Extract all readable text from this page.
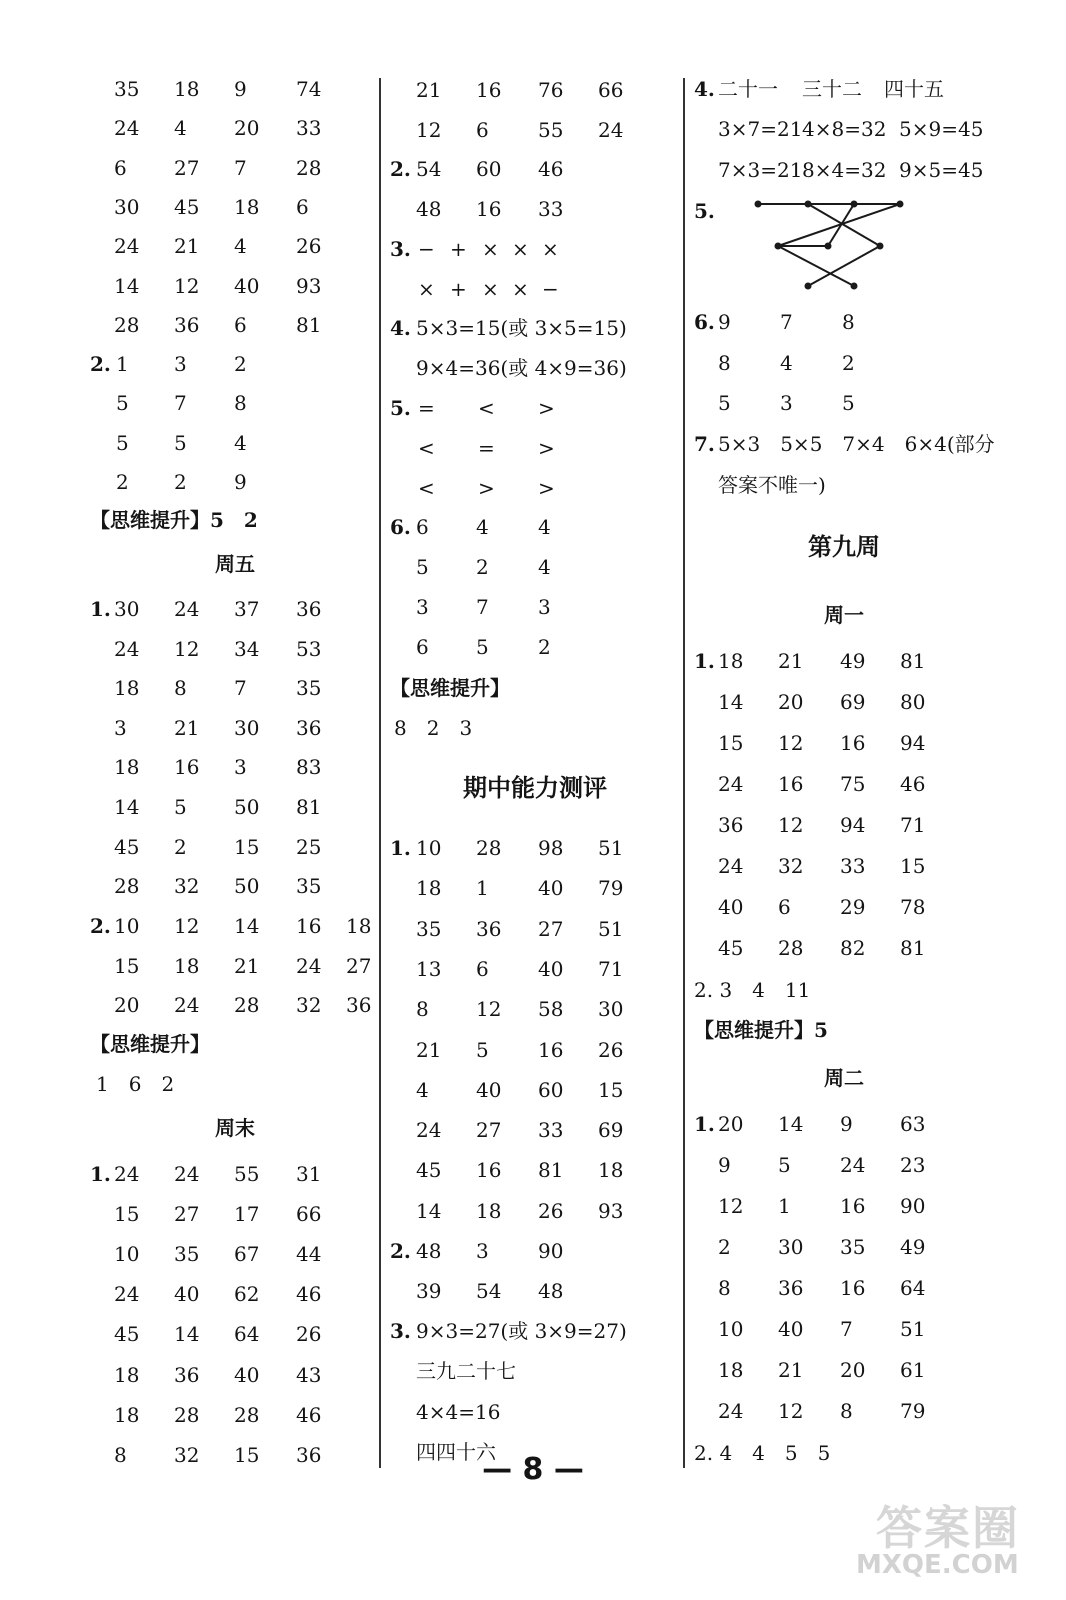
35 18 9 74
24 4 20 33
6 27 7 28
30 45 18 6
24 21 4 26
14 12 40 93
28 36 6 81
2. 1 3 2
5 7 8
5 5 4
2 2 9
【思维提升】5　2
周五
1. 30 24 37 36
24 12 34 53
18 8 7 35
3 21 30 36
18 16 3 83
14 5 50 81
45 2 15 25
28 32 50 35
2. 10 12 14 16 18
15 18 21 24 27
20 24 28 32 36
【思维提升】
1　6　2
周末
1. 24 24 55 31
15 27 17 66
10 35 67 44
24 40 62 46
45 14 64 26
18 36 40 43
18 28 28 46
8 32 15 36
21 16 76 66
12 6 55 24
2. 54 60 46
48 16 33
3. − + × × ×
× + × × −
4. 5×3=15(或 3×5=15)
9×4=36(或 4×9=36)
5. = < >
< = >
< > >
6. 6 4 4
5 2 4
3 7 3
6 5 2
【思维提升】
8　2　3
期中能力测评
1. 10 28 98 51
18 1 40 79
35 36 27 51
13 6 40 71
8 12 58 30
21 5 16 26
4 40 60 15
24 27 33 69
45 16 81 18
14 18 26 93
2. 48 3 90
39 54 48
3. 9×3=27(或 3×9=27)
三九二十七
4×4=16
四四十六
4. 二十一 三十二 四十五
3×7=21 4×8=32 5×9=45
7×3=21 8×4=32 9×5=45
5.
6. 9 7 8
8 4 2
5 3 5
7. 5×3　5×5　7×4　6×4(部分
答案不唯一)
第九周
周一
1. 18 21 49 81
14 20 69 80
15 12 16 94
24 16 75 46
36 12 94 71
24 32 33 15
40 6 29 78
45 28 82 81
2. 3　4　11
【思维提升】5
周二
1. 20 14 9 63
9 5 24 23
12 1 16 90
2 30 35 49
8 36 16 64
10 40 7 51
18 21 20 61
24 12 8 79
2. 4　4　5　5
— 8 —
答案圈
MXQE.COM
